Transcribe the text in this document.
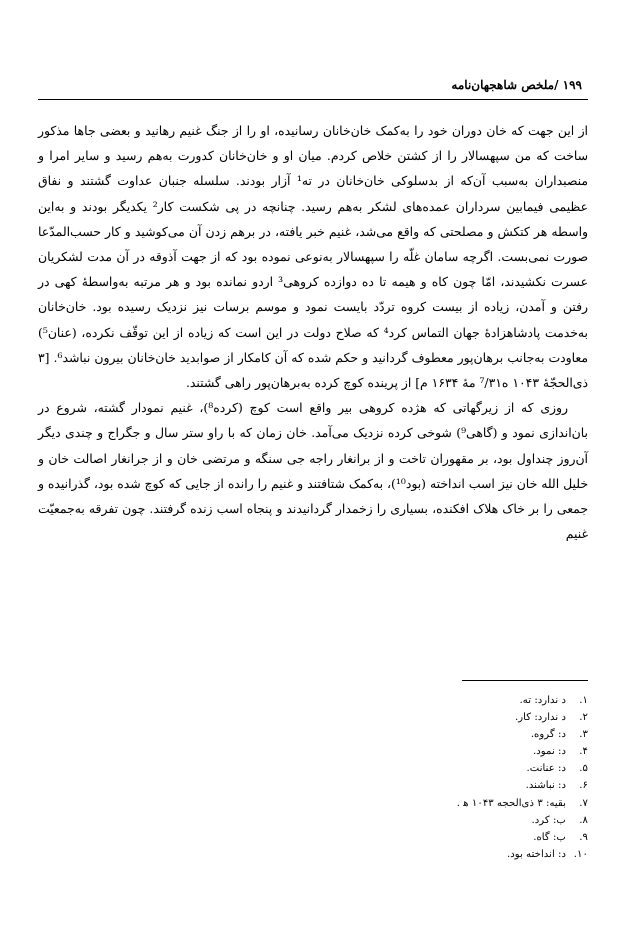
۱۹۹ /ملخص شاهجهان‌نامه

از این جهت که خان دوران خود را به‌کمک خان‌خانان رسانیده، او را از جنگ غنیم رهانید و بعضی جاها مذکور ساخت که من سپهسالار را از کشتن خلاص کردم. میان او و خان‌خانان کدورت به‌هم رسید و سایر امرا و منصبداران به‌سبب آن‌که از بدسلوکی خان‌خانان در ته¹ آزار بودند. سلسله جنبان عداوت گشتند و نفاق عظیمی فیمابین سرداران عمده‌های لشکر به‌هم رسید. چنانچه در پی شکست کار² یکدیگر بودند و به‌این واسطه هر کتکش و مصلحتی که واقع می‌شد، غنیم خبر یافته، در برهم زدن آن می‌کوشید و کار حسب‌المدّعا صورت نمی‌بست. اگرچه سامان غلّه را سپهسالار به‌نوعی نموده بود که از جهت آذوقه در آن مدت لشکریان عسرت نکشیدند، امّا چون کاه و هیمه تا ده دوازده کروهی³ اردو نمانده بود و هر مرتبه به‌واسطهٔ کهی در رفتن و آمدن، زیاده از بیست کروه تردّد بایست نمود و موسم برسات نیز نزدیک رسیده بود. خان‌خانان به‌خدمت پادشاهزادهٔ جهان التماس کرد⁴ که صلاح دولت در این است که زیاده از این توقّف نکرده، (عنان⁵) معاودت به‌جانب برهان‌پور معطوف گردانید و حکم شده که آن کامکار از صوابدید خان‌خانان بیرون نباشد⁶. [۳ ذی‌الحجّهٔ ۱۰۴۳ ه⁷/۳۱ مهٔ ۱۶۳۴ م] از پرینده کوچ کرده به‌برهان‌پور راهی گشتند.

روزی که از زیرگهاتی که هژده کروهی بیر واقع است کوچ (کرده⁸)، غنیم نمودار گشته، شروع در بان‌اندازی نمود و (گاهی⁹) شوخی کرده نزدیک می‌آمد. خان زمان که با راو ستر سال و جگراج و چندی دیگر آن‌روز چنداول بود، بر مقهوران تاخت و از برانغار راجه جی سنگه و مرتضی خان و از جرانغار اصالت خان و خلیل الله خان نیز اسب انداخته (بود¹⁰)، به‌کمک شتافتند و غنیم را رانده از جایی که کوچ شده بود، گذرانیده و جمعی را بر خاک هلاک افکنده، بسیاری را زخمدار گردانیدند و پنجاه اسب زنده گرفتند. چون تفرقه به‌جمعیّت غنیم

۱.
د ندارد: ته.
۲.
د ندارد: کار.
۳.
د: گروه.
۴.
د: نمود.
۵.
د: عنانت.
۶.
د: نباشند.
۷.
بقیه: ۳ ذی‌الحجه ۱۰۴۳ ه‍ .
۸.
ب: کرد.
۹.
ب: گاه.
۱۰.
د: انداخته بود.
